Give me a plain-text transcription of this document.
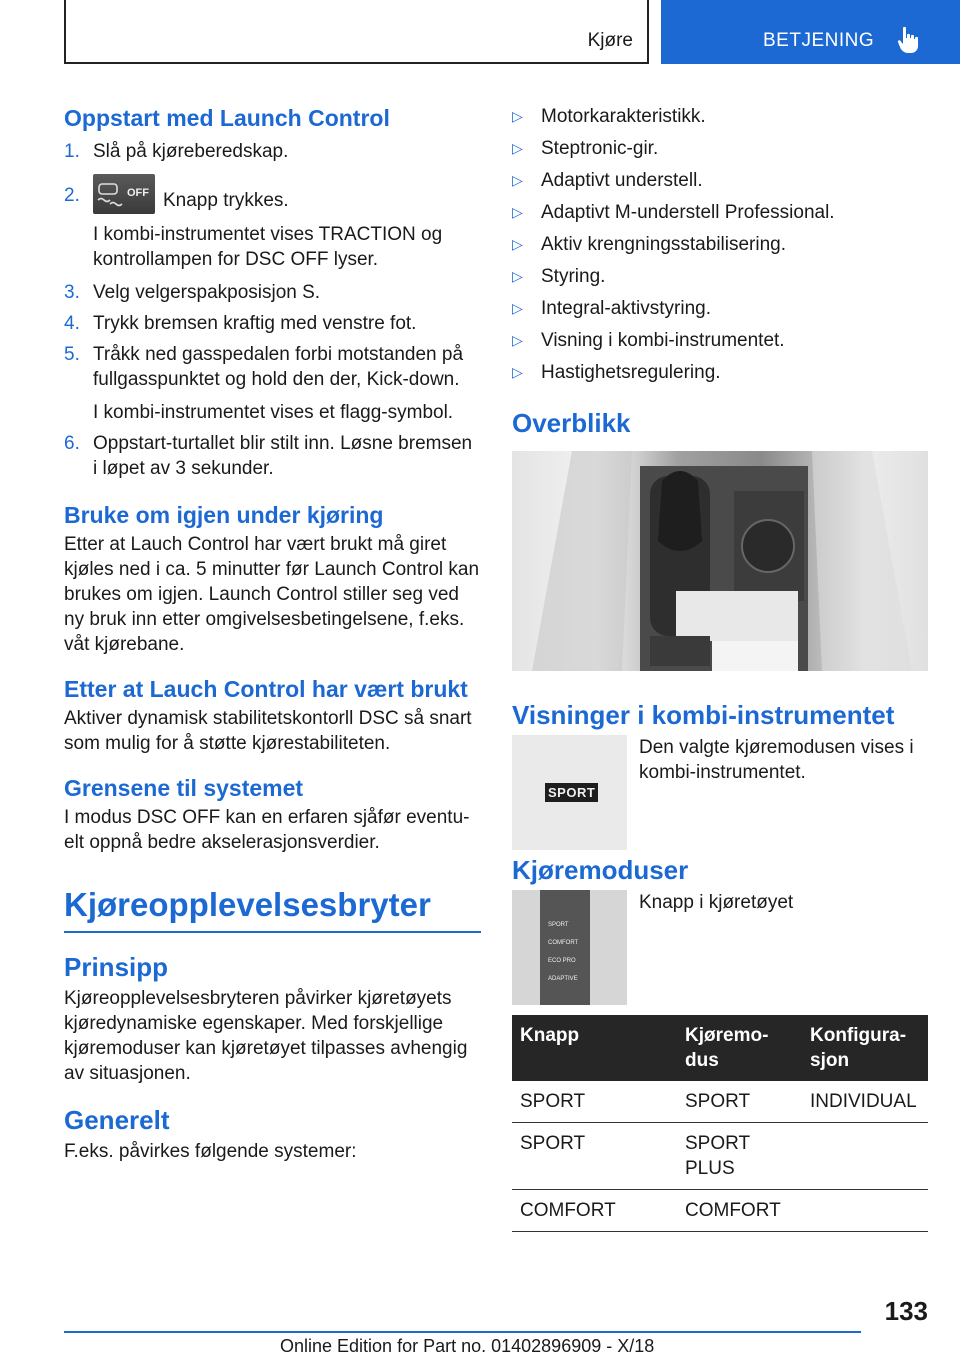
Kjøre	BETJENING
Oppstart med Launch Control
1. Slå på kjøreberedskap.
2.	OFF Knapp trykkes.
I kombi-instrumentet vises TRACTION og kontrollampen for DSC OFF lyser.
3. Velg velgerspakposisjon S.
4. Trykk bremsen kraftig med venstre fot.
5. Tråkk ned gasspedalen forbi motstanden på fullgasspunktet og hold den der, Kick-down.
I kombi-instrumentet vises et flagg-symbol.
6. Oppstart-turtallet blir stilt inn. Løsne bremsen i løpet av 3 sekunder.
Bruke om igjen under kjøring

Etter at Lauch Control har vært brukt må giret kjøles ned i ca. 5 minutter før Launch Control kan brukes om igjen. Launch Control stiller seg ved ny bruk inn etter omgivelsesbetingelsene, f.eks. våt kjørebane.

Etter at Lauch Control har vært brukt

Aktiver dynamisk stabilitetskontorll DSC så snart som mulig for å støtte kjørestabiliteten.

Grensene til systemet

I modus DSC OFF kan en erfaren sjåfør eventu-elt oppnå bedre akselerasjonsverdier.

Kjøreopplevelsesbryter
Prinsipp

Kjøreopplevelsesbryteren påvirker kjøretøyets kjøredynamiske egenskaper. Med forskjellige kjøremoduser kan kjøretøyet tilpasses avhengig av situasjonen.

Generelt

F.eks. påvirkes følgende systemer:

▷ Motorkarakteristikk.
▷ Steptronic-gir.
▷ Adaptivt understell.
▷ Adaptivt M-understell Professional.
▷ Aktiv krengningsstabilisering.
▷ Styring.
▷ Integral-aktivstyring.
▷ Visning i kombi-instrumentet.
▷ Hastighetsregulering.
Overblikk
Visninger i kombi-instrumentet
SPORT

Den valgte kjøremodusen vises i kombi-instrumentet.

Kjøremoduser
SPORT
COMFORT
ECO PRO
ADAPTIVE

Knapp i kjøretøyet

Knapp	Kjøremo-dus	Konfigura-sjon
SPORT	SPORT	INDIVIDUAL
SPORT	SPORT PLUS	
COMFORT	COMFORT	
133
Online Edition for Part no. 01402896909 - X/18
